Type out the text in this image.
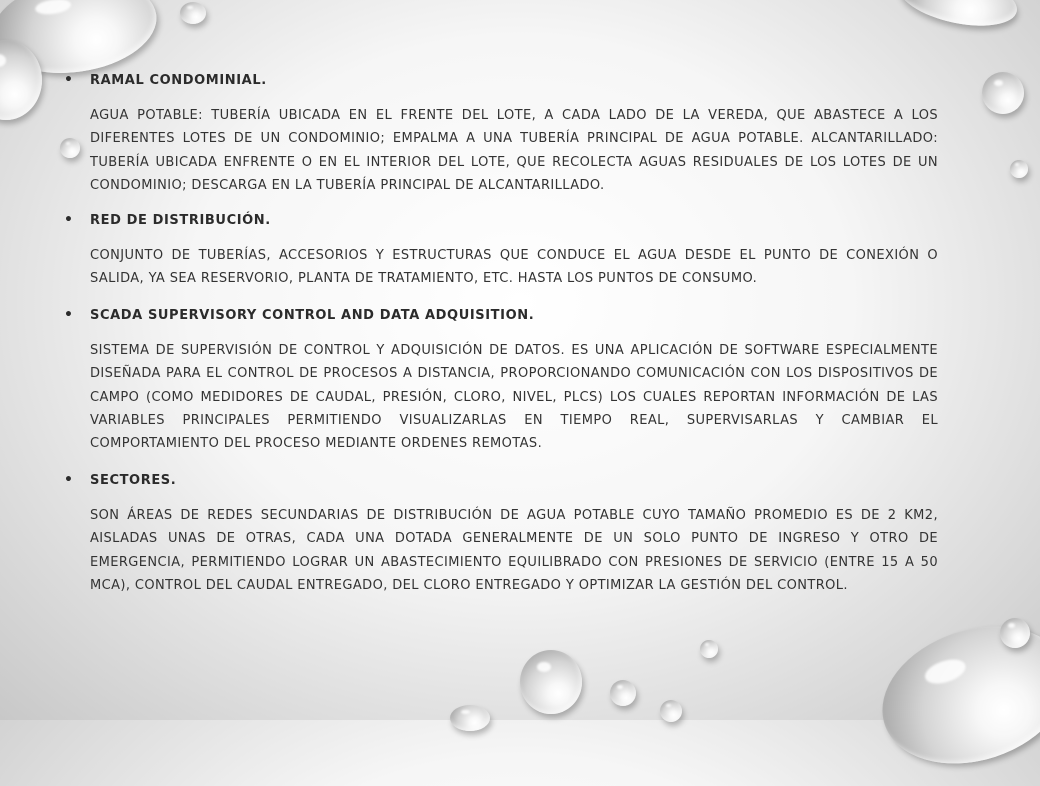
• RAMAL CONDOMINIAL.
AGUA POTABLE: TUBERÍA UBICADA EN EL FRENTE DEL LOTE, A CADA LADO DE LA VEREDA, QUE ABASTECE A LOS DIFERENTES LOTES DE UN CONDOMINIO; EMPALMA A UNA TUBERÍA PRINCIPAL DE AGUA POTABLE. ALCANTARILLADO: TUBERÍA UBICADA ENFRENTE O EN EL INTERIOR DEL LOTE, QUE RECOLECTA AGUAS RESIDUALES DE LOS LOTES DE UN CONDOMINIO; DESCARGA EN LA TUBERÍA PRINCIPAL DE ALCANTARILLADO.
• RED DE DISTRIBUCIÓN.
CONJUNTO DE TUBERÍAS, ACCESORIOS Y ESTRUCTURAS QUE CONDUCE EL AGUA DESDE EL PUNTO DE CONEXIÓN O SALIDA, YA SEA RESERVORIO, PLANTA DE TRATAMIENTO, ETC. HASTA LOS PUNTOS DE CONSUMO.
• SCADA SUPERVISORY CONTROL AND DATA ADQUISITION.
SISTEMA DE SUPERVISIÓN DE CONTROL Y ADQUISICIÓN DE DATOS. ES UNA APLICACIÓN DE SOFTWARE ESPECIALMENTE DISEÑADA PARA EL CONTROL DE PROCESOS A DISTANCIA, PROPORCIONANDO COMUNICACIÓN CON LOS DISPOSITIVOS DE CAMPO (COMO MEDIDORES DE CAUDAL, PRESIÓN, CLORO, NIVEL, PLCS) LOS CUALES REPORTAN INFORMACIÓN DE LAS VARIABLES PRINCIPALES PERMITIENDO VISUALIZARLAS EN TIEMPO REAL, SUPERVISARLAS Y CAMBIAR EL COMPORTAMIENTO DEL PROCESO MEDIANTE ORDENES REMOTAS.
• SECTORES.
SON ÁREAS DE REDES SECUNDARIAS DE DISTRIBUCIÓN DE AGUA POTABLE CUYO TAMAÑO PROMEDIO ES DE 2 KM2, AISLADAS UNAS DE OTRAS, CADA UNA DOTADA GENERALMENTE DE UN SOLO PUNTO DE INGRESO Y OTRO DE EMERGENCIA, PERMITIENDO LOGRAR UN ABASTECIMIENTO EQUILIBRADO CON PRESIONES DE SERVICIO (ENTRE 15 A 50 MCA), CONTROL DEL CAUDAL ENTREGADO, DEL CLORO ENTREGADO Y OPTIMIZAR LA GESTIÓN DEL CONTROL.
